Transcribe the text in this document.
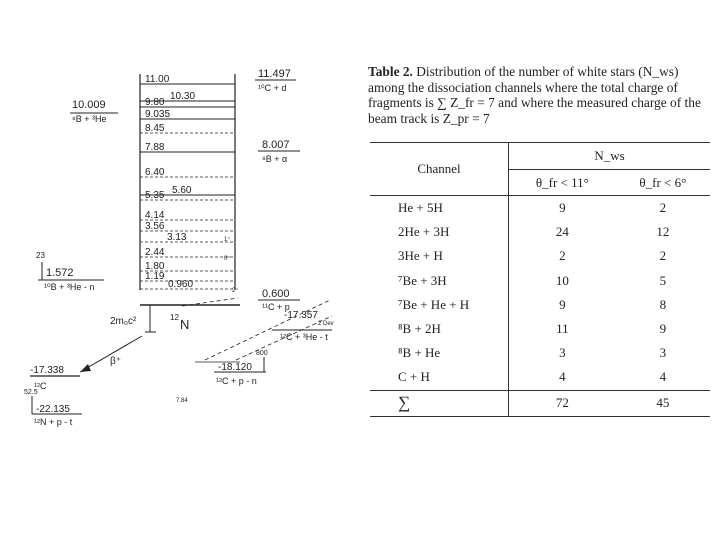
11.00
10.30
9.80
9.035
8.45
7.88
6.40
5.60
5.35
4.14
3.56
3.13
2.44
1.80
1.19
0.960
10.009
⁸B + ³He
1.572
¹⁰B + ³He - n
23
11.497
¹⁰C + d
8.007
⁸B + α
0.600
¹¹C + p
1⁺
0⁺
2⁺
12 N
2m₀c²
β⁺
-17.338
¹²C
52.5
-22.135
¹²N + p - t
2 Dev
-17.357
¹²C + ³He - t
800
-18.120
¹²C + p - n
7.84
Table 2. Distribution of the number of white stars (N_ws) among the dissociation channels where the total charge of fragments is ∑ Z_fr = 7 and where the measured charge of the beam track is Z_pr = 7
Channel	N_ws	
	θ_fr < 11°	θ_fr < 6°
He + 5H	9	2
2He + 3H	24	12
3He + H	2	2
⁷Be + 3H	10	5
⁷Be + He + H	9	8
⁸B + 2H	11	9
⁸B + He	3	3
C + H	4	4
∑	72	45
